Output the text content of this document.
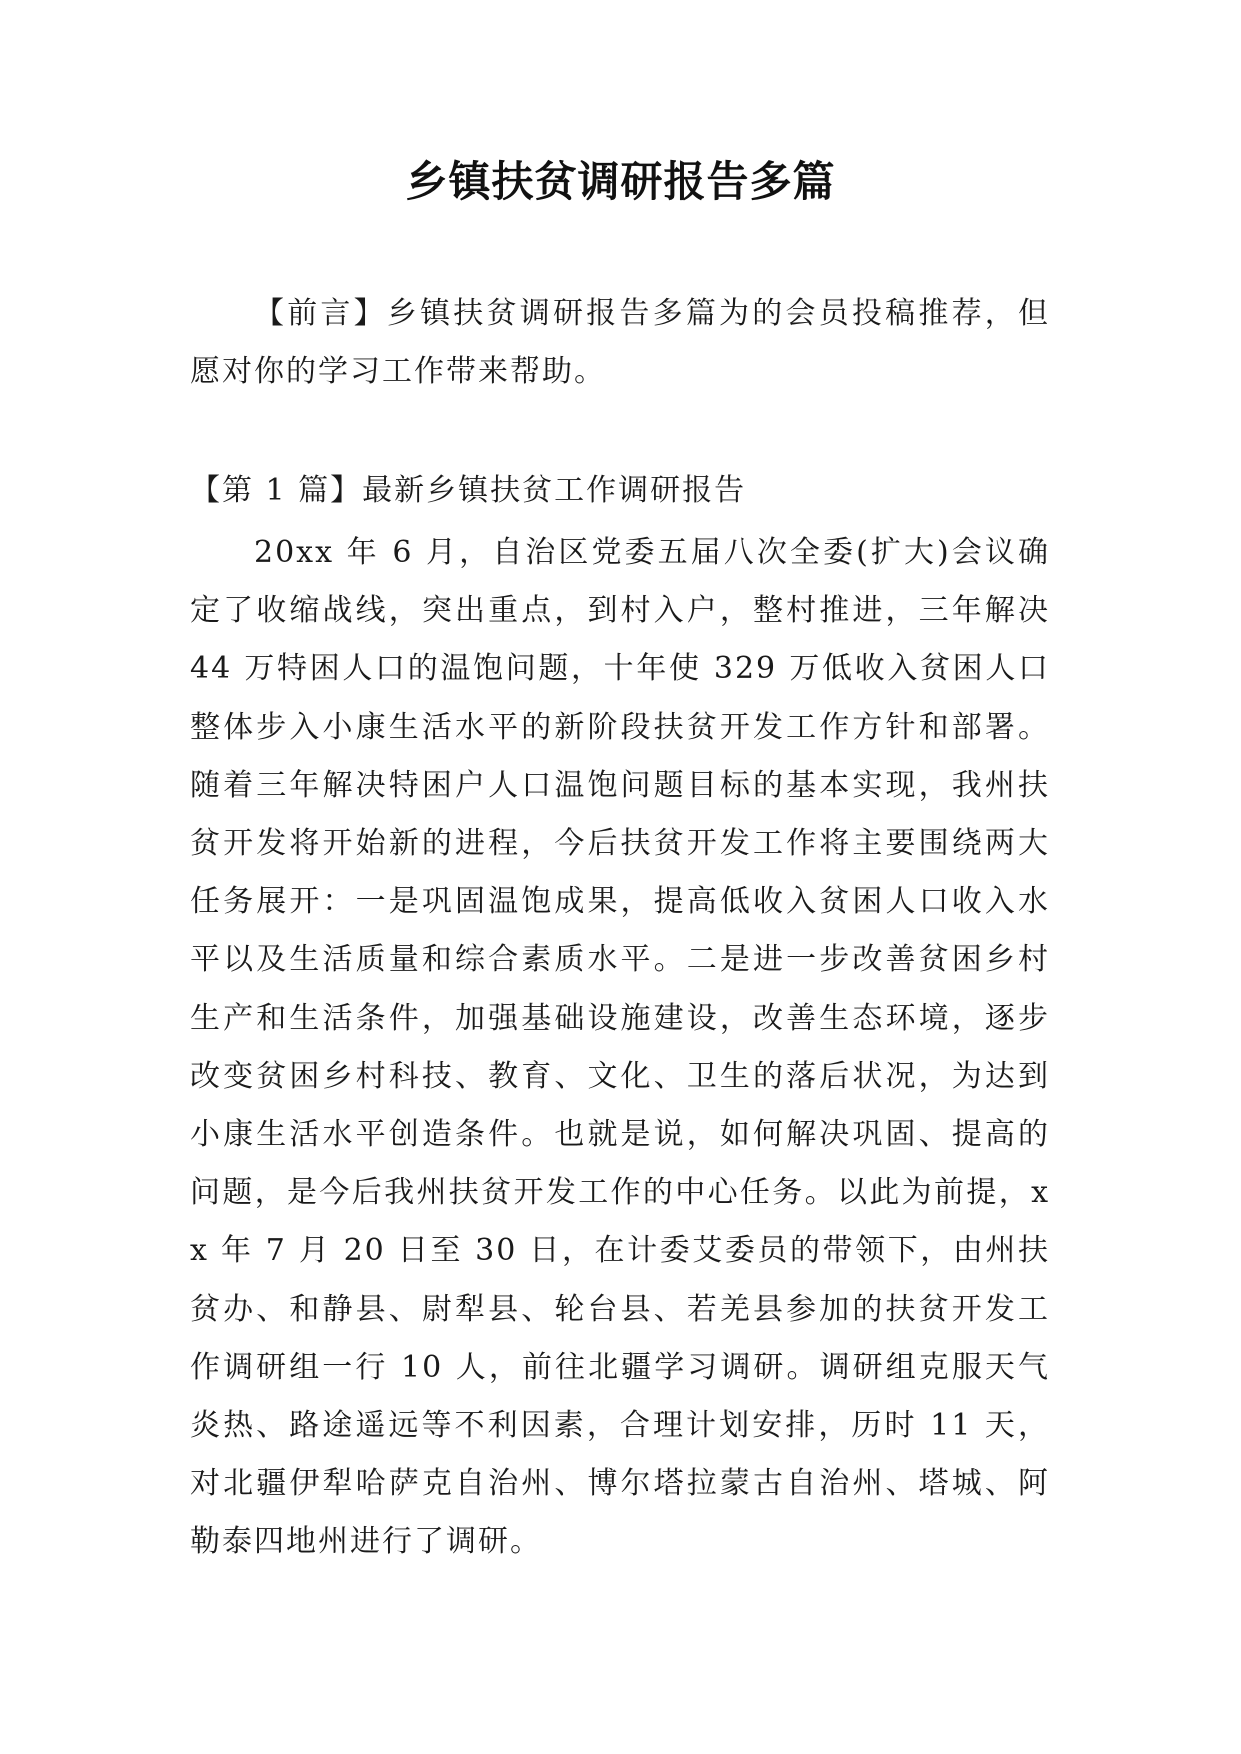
乡镇扶贫调研报告多篇
【前言】乡镇扶贫调研报告多篇为的会员投稿推荐，但愿对你的学习工作带来帮助。
【第 1 篇】最新乡镇扶贫工作调研报告
20xx 年 6 月，自治区党委五届八次全委(扩大)会议确定了收缩战线，突出重点，到村入户，整村推进，三年解决 44 万特困人口的温饱问题，十年使 329 万低收入贫困人口整体步入小康生活水平的新阶段扶贫开发工作方针和部署。随着三年解决特困户人口温饱问题目标的基本实现，我州扶贫开发将开始新的进程，今后扶贫开发工作将主要围绕两大任务展开：一是巩固温饱成果，提高低收入贫困人口收入水平以及生活质量和综合素质水平。二是进一步改善贫困乡村生产和生活条件，加强基础设施建设，改善生态环境，逐步改变贫困乡村科技、教育、文化、卫生的落后状况，为达到小康生活水平创造条件。也就是说，如何解决巩固、提高的问题，是今后我州扶贫开发工作的中心任务。以此为前提，xx 年 7 月 20 日至 30 日，在计委艾委员的带领下，由州扶贫办、和静县、尉犁县、轮台县、若羌县参加的扶贫开发工作调研组一行 10 人，前往北疆学习调研。调研组克服天气炎热、路途遥远等不利因素，合理计划安排，历时 11 天，对北疆伊犁哈萨克自治州、博尔塔拉蒙古自治州、塔城、阿勒泰四地州进行了调研。
